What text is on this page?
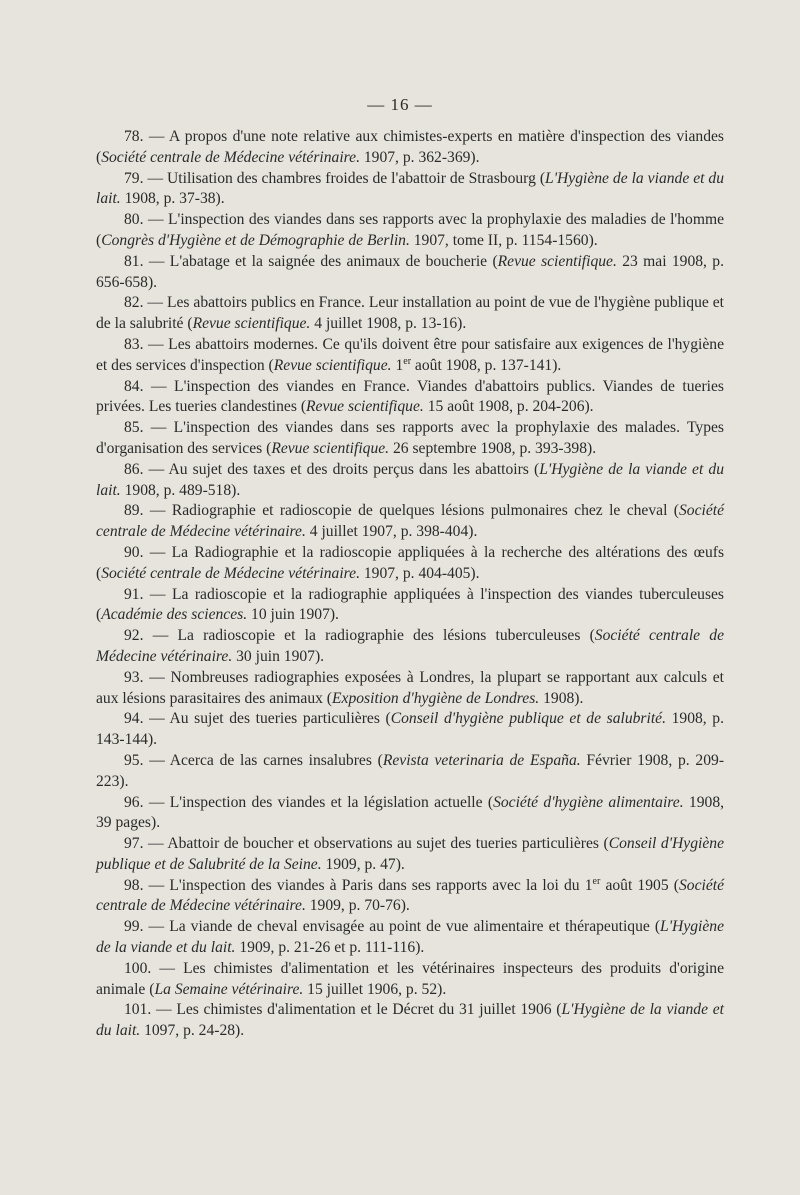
— 16 —

78. — A propos d'une note relative aux chimistes-experts en matière d'inspection des viandes (Société centrale de Médecine vétérinaire. 1907, p. 362-369).

79. — Utilisation des chambres froides de l'abattoir de Strasbourg (L'Hygiène de la viande et du lait. 1908, p. 37-38).

80. — L'inspection des viandes dans ses rapports avec la prophylaxie des maladies de l'homme (Congrès d'Hygiène et de Démographie de Berlin. 1907, tome II, p. 1154-1560).

81. — L'abatage et la saignée des animaux de boucherie (Revue scientifique. 23 mai 1908, p. 656-658).

82. — Les abattoirs publics en France. Leur installation au point de vue de l'hygiène publique et de la salubrité (Revue scientifique. 4 juillet 1908, p. 13-16).

83. — Les abattoirs modernes. Ce qu'ils doivent être pour satisfaire aux exigences de l'hygiène et des services d'inspection (Revue scientifique. 1er août 1908, p. 137-141).

84. — L'inspection des viandes en France. Viandes d'abattoirs publics. Viandes de tueries privées. Les tueries clandestines (Revue scientifique. 15 août 1908, p. 204-206).

85. — L'inspection des viandes dans ses rapports avec la prophylaxie des malades. Types d'organisation des services (Revue scientifique. 26 septembre 1908, p. 393-398).

86. — Au sujet des taxes et des droits perçus dans les abattoirs (L'Hygiène de la viande et du lait. 1908, p. 489-518).

89. — Radiographie et radioscopie de quelques lésions pulmonaires chez le cheval (Société centrale de Médecine vétérinaire. 4 juillet 1907, p. 398-404).

90. — La Radiographie et la radioscopie appliquées à la recherche des altérations des œufs (Société centrale de Médecine vétérinaire. 1907, p. 404-405).

91. — La radioscopie et la radiographie appliquées à l'inspection des viandes tuberculeuses (Académie des sciences. 10 juin 1907).

92. — La radioscopie et la radiographie des lésions tuberculeuses (Société centrale de Médecine vétérinaire. 30 juin 1907).

93. — Nombreuses radiographies exposées à Londres, la plupart se rapportant aux calculs et aux lésions parasitaires des animaux (Exposition d'hygiène de Londres. 1908).

94. — Au sujet des tueries particulières (Conseil d'hygiène publique et de salubrité. 1908, p. 143-144).

95. — Acerca de las carnes insalubres (Revista veterinaria de España. Février 1908, p. 209-223).

96. — L'inspection des viandes et la législation actuelle (Société d'hygiène alimentaire. 1908, 39 pages).

97. — Abattoir de boucher et observations au sujet des tueries particulières (Conseil d'Hygiène publique et de Salubrité de la Seine. 1909, p. 47).

98. — L'inspection des viandes à Paris dans ses rapports avec la loi du 1er août 1905 (Société centrale de Médecine vétérinaire. 1909, p. 70-76).

99. — La viande de cheval envisagée au point de vue alimentaire et thérapeutique (L'Hygiène de la viande et du lait. 1909, p. 21-26 et p. 111-116).

100. — Les chimistes d'alimentation et les vétérinaires inspecteurs des produits d'origine animale (La Semaine vétérinaire. 15 juillet 1906, p. 52).

101. — Les chimistes d'alimentation et le Décret du 31 juillet 1906 (L'Hygiène de la viande et du lait. 1097, p. 24-28).
